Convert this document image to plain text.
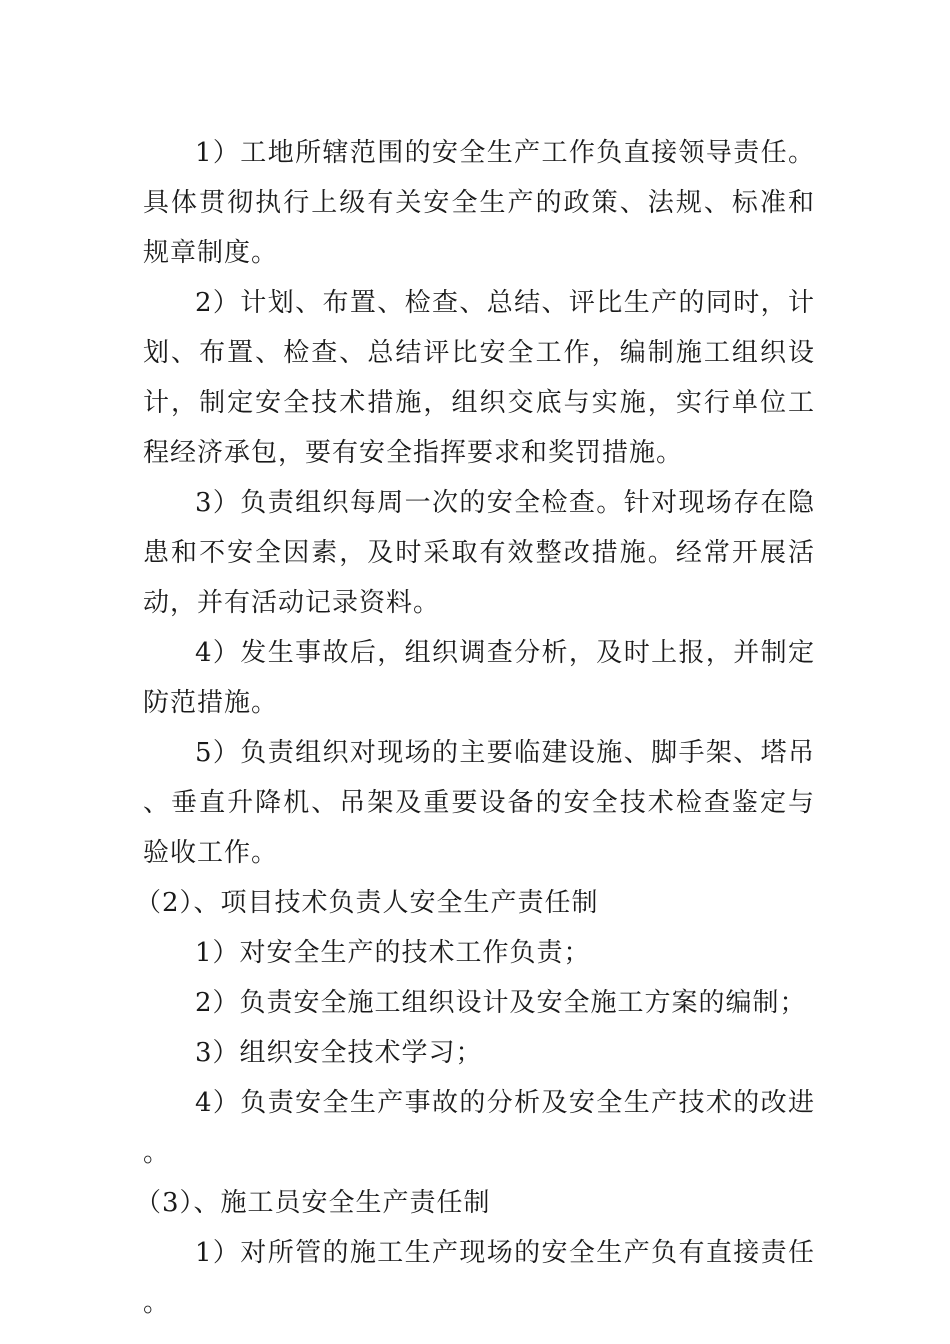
1）工地所辖范围的安全生产工作负直接领导责任。具体贯彻执行上级有关安全生产的政策、法规、标准和规章制度。

2）计划、布置、检查、总结、评比生产的同时，计划、布置、检查、总结评比安全工作，编制施工组织设计，制定安全技术措施，组织交底与实施，实行单位工程经济承包，要有安全指挥要求和奖罚措施。

3）负责组织每周一次的安全检查。针对现场存在隐患和不安全因素，及时采取有效整改措施。经常开展活动，并有活动记录资料。

4）发生事故后，组织调查分析，及时上报，并制定防范措施。

5）负责组织对现场的主要临建设施、脚手架、塔吊、垂直升降机、吊架及重要设备的安全技术检查鉴定与验收工作。

（2）、项目技术负责人安全生产责任制

1）对安全生产的技术工作负责；

2）负责安全施工组织设计及安全施工方案的编制；

3）组织安全技术学习；

4）负责安全生产事故的分析及安全生产技术的改进。

（3）、施工员安全生产责任制

1）对所管的施工生产现场的安全生产负有直接责任。
